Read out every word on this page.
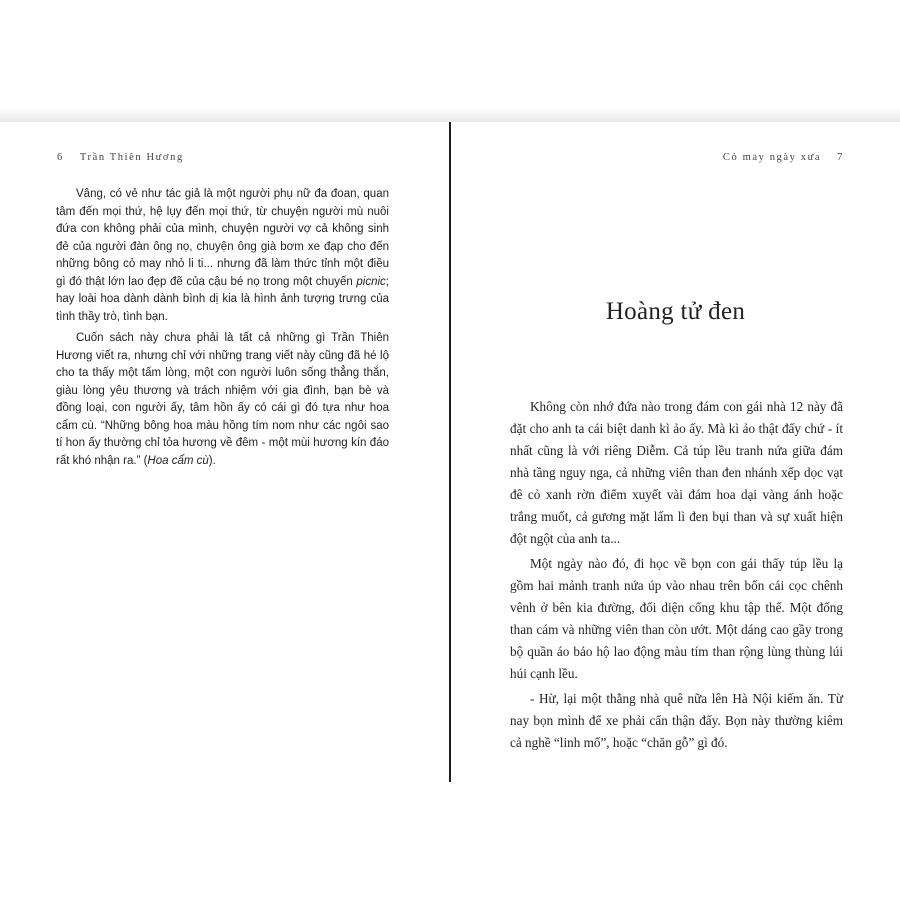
6 Trần Thiên Hương

Vâng, có vẻ như tác giả là một người phụ nữ đa đoan, quan tâm đến mọi thứ, hệ lụy đến mọi thứ, từ chuyện người mù nuôi đứa con không phải của mình, chuyện người vợ cả không sinh đẻ của người đàn ông nọ, chuyện ông già bơm xe đạp cho đến những bông cỏ may nhỏ li ti... nhưng đã làm thức tỉnh một điều gì đó thật lớn lao đẹp đẽ của cậu bé nọ trong một chuyến picnic; hay loài hoa dành dành bình dị kia là hình ảnh tượng trưng của tình thầy trò, tình bạn.

Cuốn sách này chưa phải là tất cả những gì Trần Thiên Hương viết ra, nhưng chỉ với những trang viết này cũng đã hé lộ cho ta thấy một tấm lòng, một con người luôn sống thẳng thắn, giàu lòng yêu thương và trách nhiệm với gia đình, bạn bè và đồng loại, con người ấy, tâm hồn ấy có cái gì đó tựa như hoa cẩm cù. “Những bông hoa màu hồng tím nom như các ngôi sao tí hon ấy thường chỉ tỏa hương về đêm - một mùi hương kín đáo rất khó nhận ra.” (Hoa cẩm cù).

Cỏ may ngày xưa 7
Hoàng tử đen

Không còn nhớ đứa nào trong đám con gái nhà 12 này đã đặt cho anh ta cái biệt danh kì ảo ấy. Mà kì ảo thật đấy chứ - ít nhất cũng là với riêng Diễm. Cả túp lều tranh nứa giữa đám nhà tầng nguy nga, cả những viên than đen nhánh xếp dọc vạt đê cỏ xanh rờn điểm xuyết vài đám hoa dại vàng ánh hoặc trắng muốt, cả gương mặt lấm lì đen bụi than và sự xuất hiện đột ngột của anh ta...

Một ngày nào đó, đi học về bọn con gái thấy túp lều lạ gồm hai mảnh tranh nứa úp vào nhau trên bốn cái cọc chênh vênh ở bên kia đường, đối diện cổng khu tập thể. Một đống than cám và những viên than còn ướt. Một dáng cao gầy trong bộ quần áo bảo hộ lao động màu tím than rộng lùng thùng lúi húi cạnh lều.

- Hừ, lại một thằng nhà quê nữa lên Hà Nội kiếm ăn. Từ nay bọn mình để xe phải cẩn thận đấy. Bọn này thường kiêm cả nghề “linh mổ”, hoặc “chăn gỗ” gì đó.
